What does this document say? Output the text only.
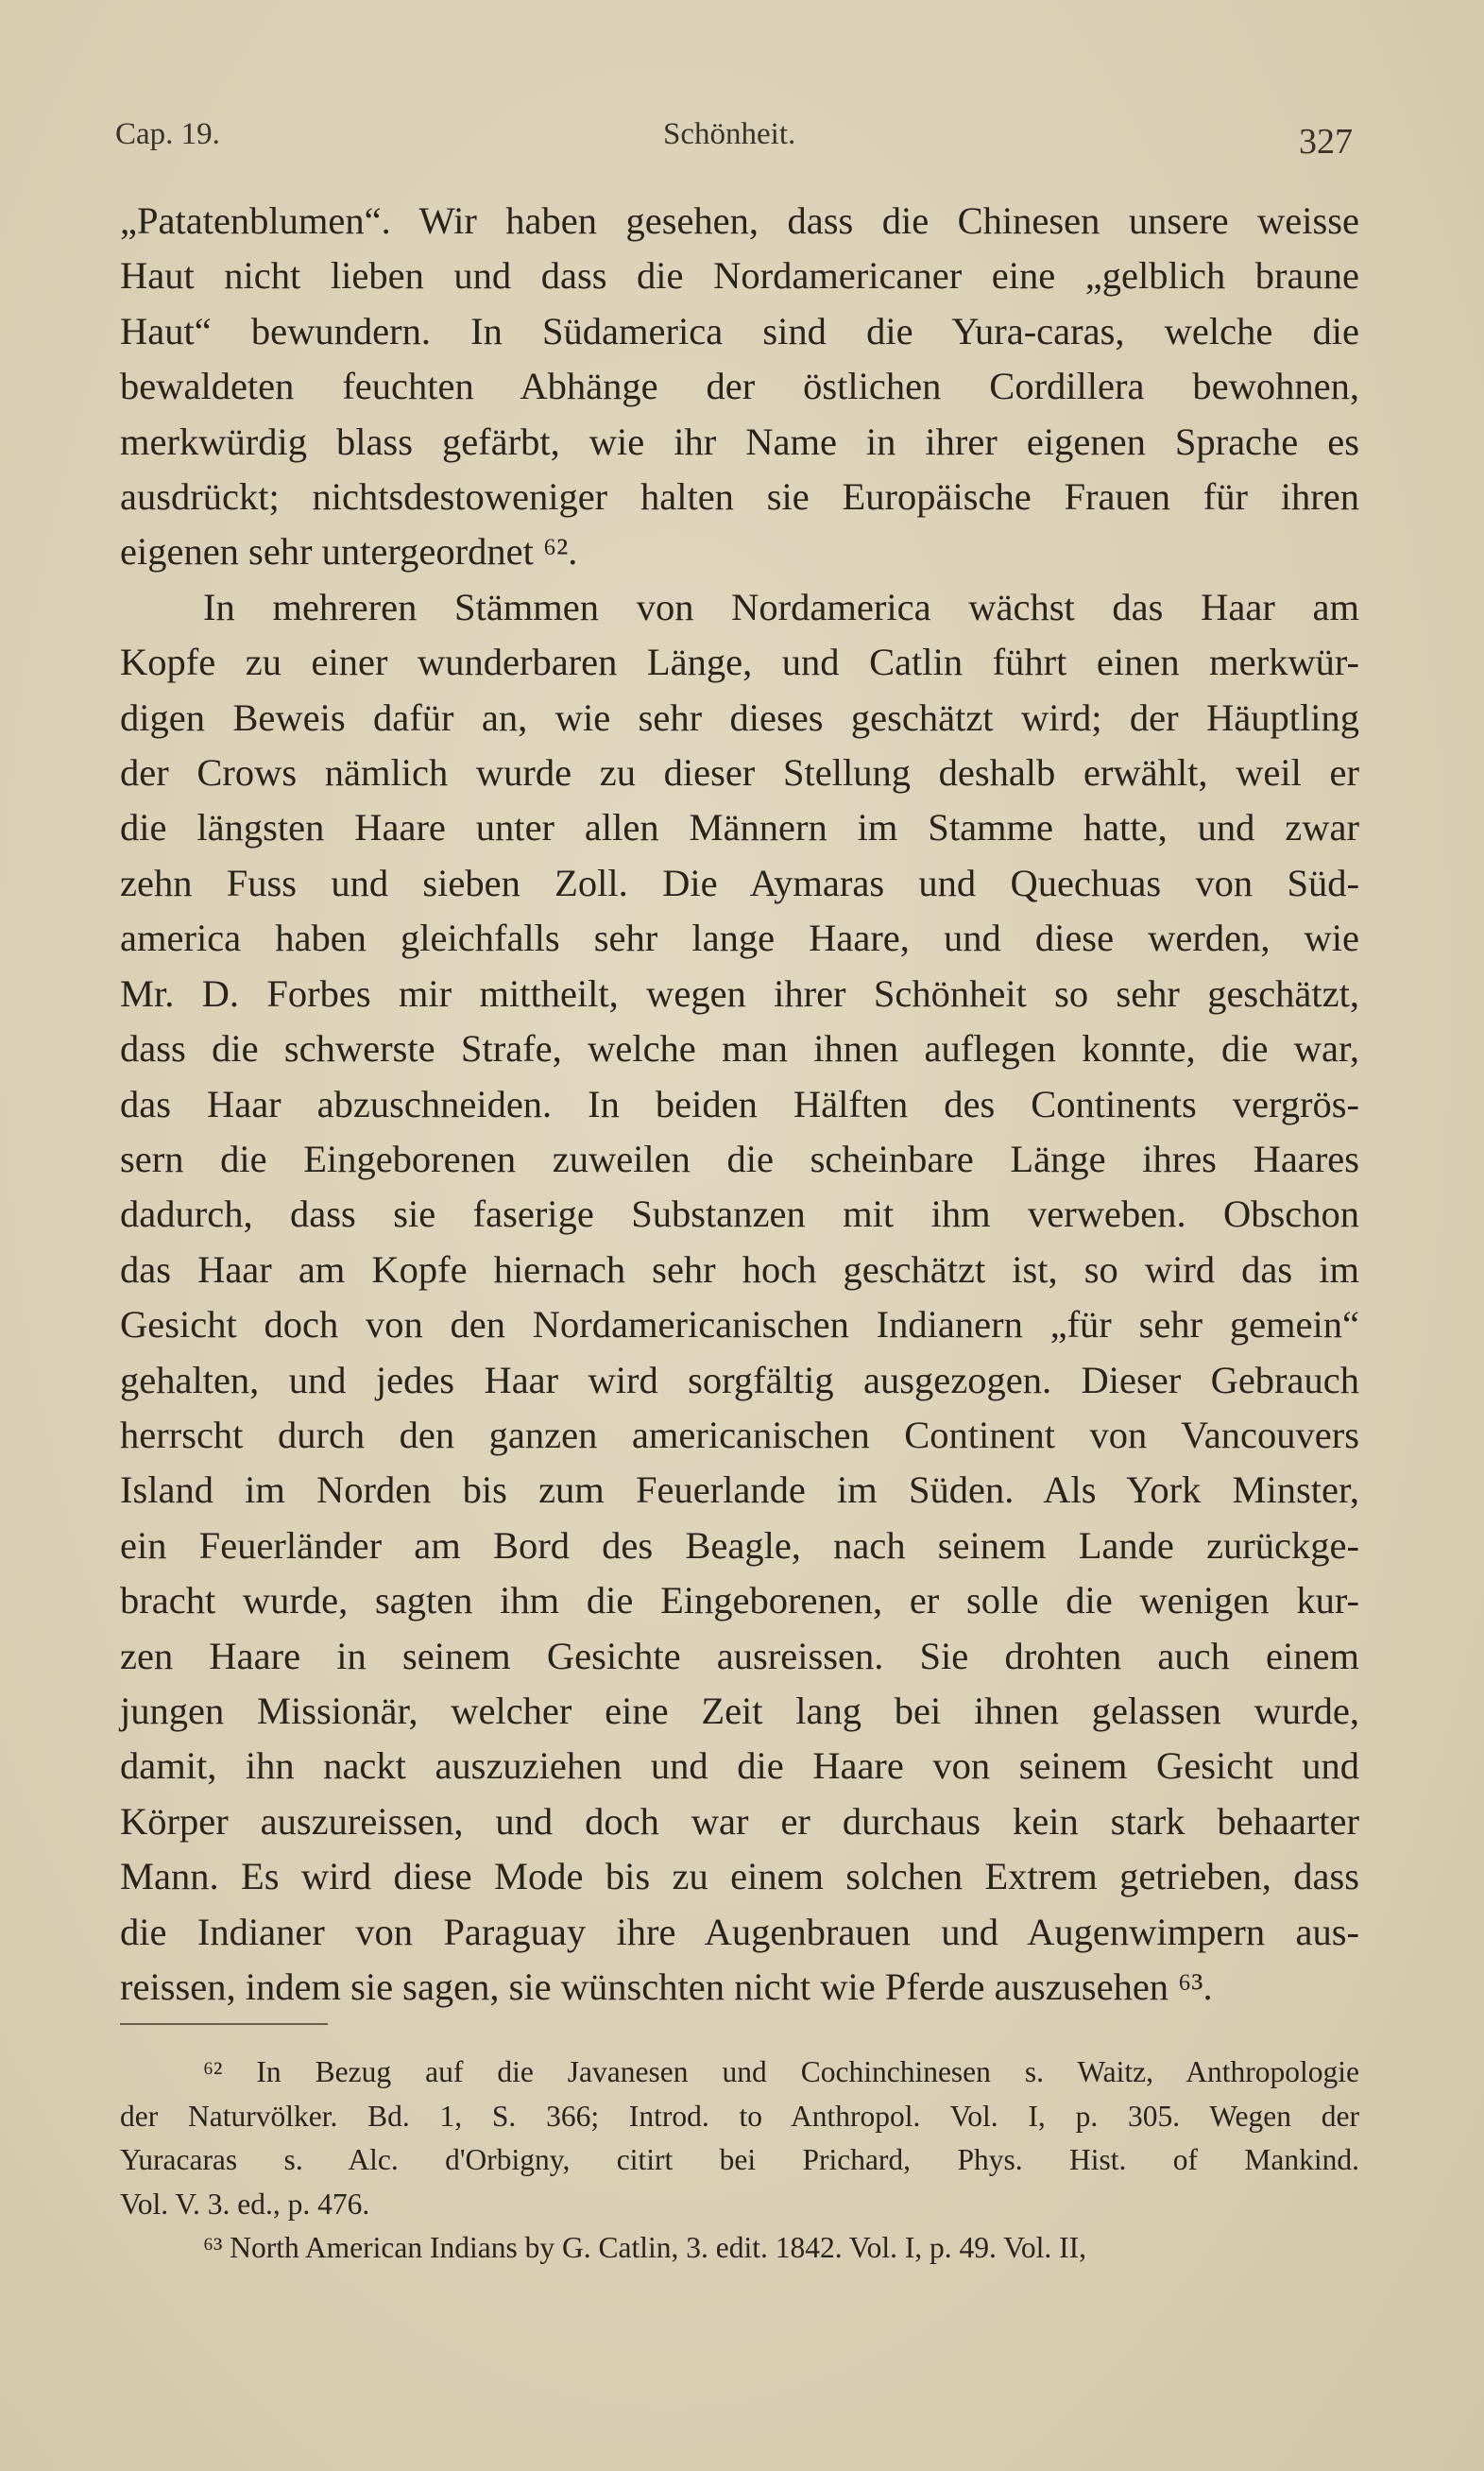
Cap. 19.	Schönheit.	327
„Patatenblumen“. Wir haben gesehen, dass die Chinesen unsere weisse
Haut nicht lieben und dass die Nordamericaner eine „gelblich braune
Haut“ bewundern. In Südamerica sind die Yura-caras, welche die
bewaldeten feuchten Abhänge der östlichen Cordillera bewohnen,
merkwürdig blass gefärbt, wie ihr Name in ihrer eigenen Sprache es
ausdrückt; nichtsdestoweniger halten sie Europäische Frauen für ihren
eigenen sehr untergeordnet ⁶².
In mehreren Stämmen von Nordamerica wächst das Haar am
Kopfe zu einer wunderbaren Länge, und Catlin führt einen merkwür-
digen Beweis dafür an, wie sehr dieses geschätzt wird; der Häuptling
der Crows nämlich wurde zu dieser Stellung deshalb erwählt, weil er
die längsten Haare unter allen Männern im Stamme hatte, und zwar
zehn Fuss und sieben Zoll. Die Aymaras und Quechuas von Süd-
america haben gleichfalls sehr lange Haare, und diese werden, wie
Mr. D. Forbes mir mittheilt, wegen ihrer Schönheit so sehr geschätzt,
dass die schwerste Strafe, welche man ihnen auflegen konnte, die war,
das Haar abzuschneiden. In beiden Hälften des Continents vergrös-
sern die Eingeborenen zuweilen die scheinbare Länge ihres Haares
dadurch, dass sie faserige Substanzen mit ihm verweben. Obschon
das Haar am Kopfe hiernach sehr hoch geschätzt ist, so wird das im
Gesicht doch von den Nordamericanischen Indianern „für sehr gemein“
gehalten, und jedes Haar wird sorgfältig ausgezogen. Dieser Gebrauch
herrscht durch den ganzen americanischen Continent von Vancouvers
Island im Norden bis zum Feuerlande im Süden. Als York Minster,
ein Feuerländer am Bord des Beagle, nach seinem Lande zurückge-
bracht wurde, sagten ihm die Eingeborenen, er solle die wenigen kur-
zen Haare in seinem Gesichte ausreissen. Sie drohten auch einem
jungen Missionär, welcher eine Zeit lang bei ihnen gelassen wurde,
damit, ihn nackt auszuziehen und die Haare von seinem Gesicht und
Körper auszureissen, und doch war er durchaus kein stark behaarter
Mann. Es wird diese Mode bis zu einem solchen Extrem getrieben, dass
die Indianer von Paraguay ihre Augenbrauen und Augenwimpern aus-
reissen, indem sie sagen, sie wünschten nicht wie Pferde auszusehen ⁶³.
⁶² In Bezug auf die Javanesen und Cochinchinesen s. Waitz, Anthropologie
der Naturvölker. Bd. 1, S. 366; Introd. to Anthropol. Vol. I, p. 305. Wegen der
Yuracaras s. Alc. d'Orbigny, citirt bei Prichard, Phys. Hist. of Mankind.
Vol. V. 3. ed., p. 476.
⁶³ North American Indians by G. Catlin, 3. edit. 1842. Vol. I, p. 49. Vol. II,
